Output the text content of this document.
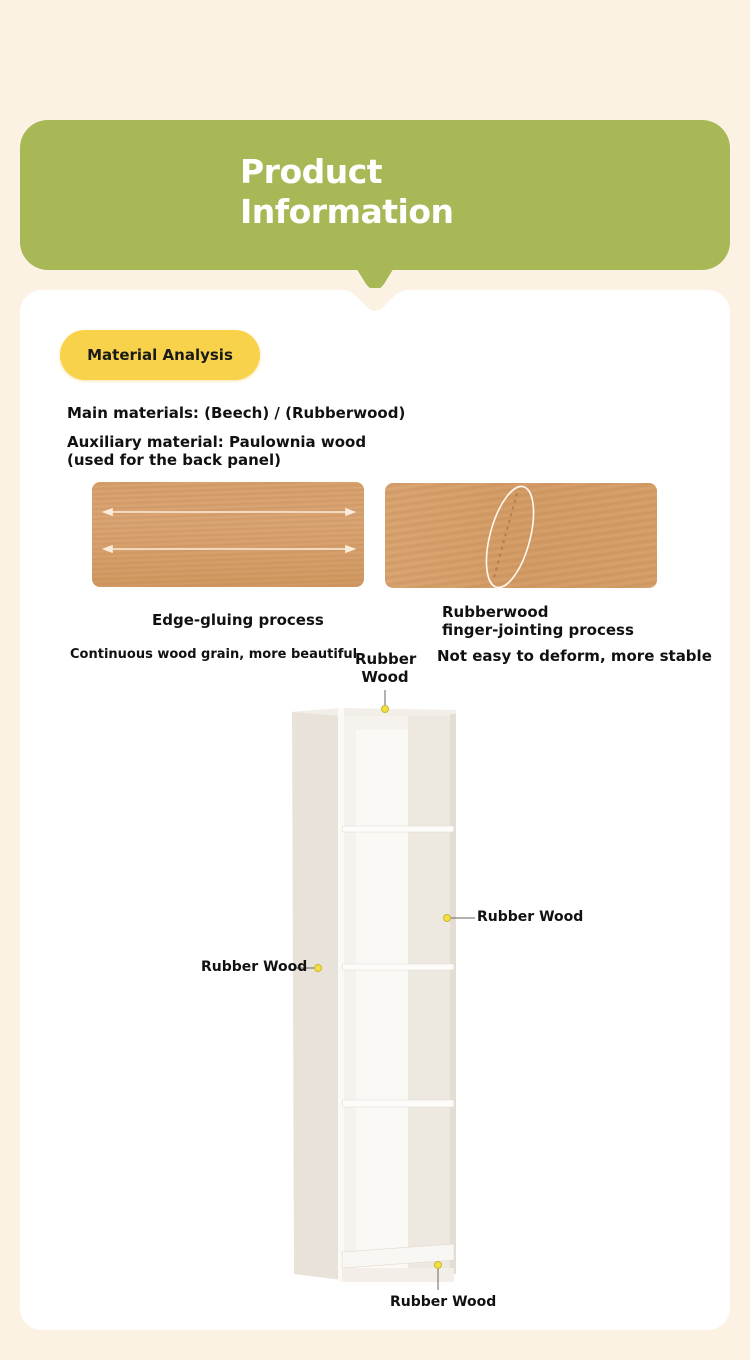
Product
Information
Material Analysis
Main materials: (Beech) / (Rubberwood)
Auxiliary material: Paulownia wood (used for the back panel)
Edge-gluing process
Continuous wood grain, more beautiful
Rubberwood
finger-jointing process
Not easy to deform, more stable
Rubber
Wood
Rubber Wood
Rubber Wood
Rubber Wood
